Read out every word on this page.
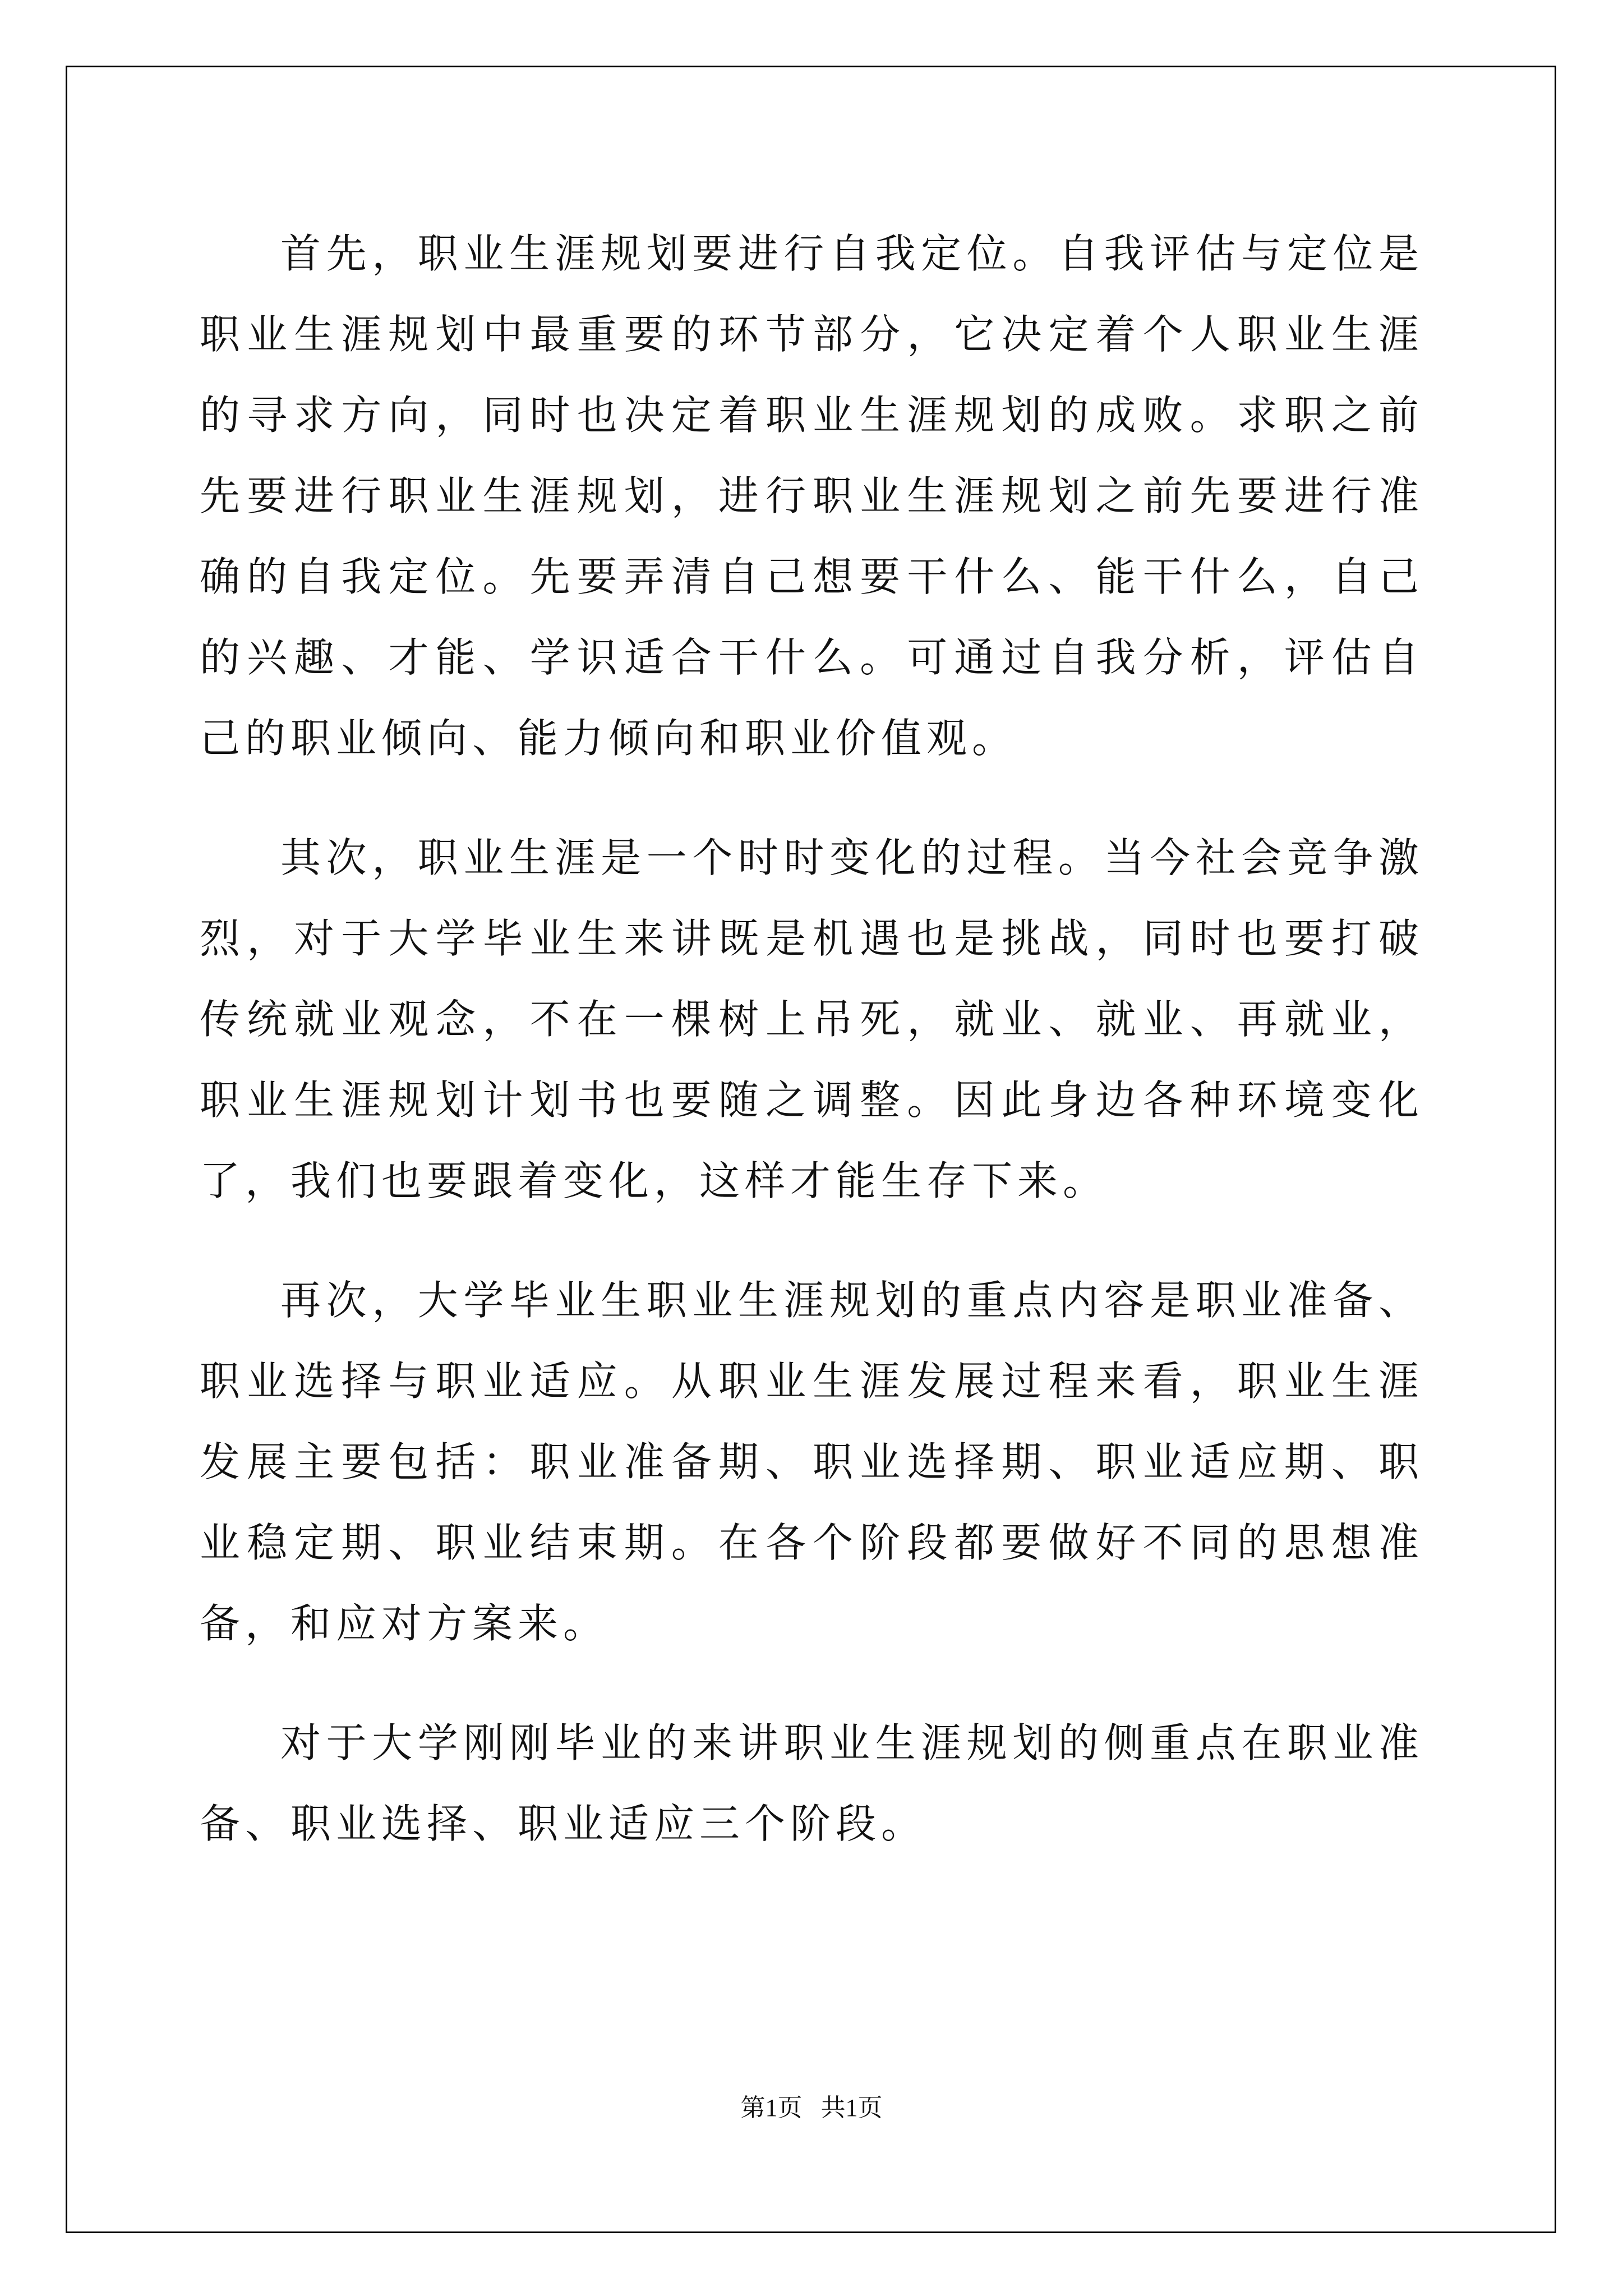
首先，职业生涯规划要进行自我定位。自我评估与定位是职业生涯规划中最重要的环节部分，它决定着个人职业生涯的寻求方向，同时也决定着职业生涯规划的成败。求职之前先要进行职业生涯规划，进行职业生涯规划之前先要进行准确的自我定位。先要弄清自己想要干什么、能干什么，自己的兴趣、才能、学识适合干什么。可通过自我分析，评估自己的职业倾向、能力倾向和职业价值观。

其次，职业生涯是一个时时变化的过程。当今社会竞争激烈，对于大学毕业生来讲既是机遇也是挑战，同时也要打破传统就业观念，不在一棵树上吊死，就业、就业、再就业，职业生涯规划计划书也要随之调整。因此身边各种环境变化了，我们也要跟着变化，这样才能生存下来。

再次，大学毕业生职业生涯规划的重点内容是职业准备、职业选择与职业适应。从职业生涯发展过程来看，职业生涯发展主要包括：职业准备期、职业选择期、职业适应期、职业稳定期、职业结束期。在各个阶段都要做好不同的思想准备，和应对方案来。

对于大学刚刚毕业的来讲职业生涯规划的侧重点在职业准备、职业选择、职业适应三个阶段。

第1页   共1页
